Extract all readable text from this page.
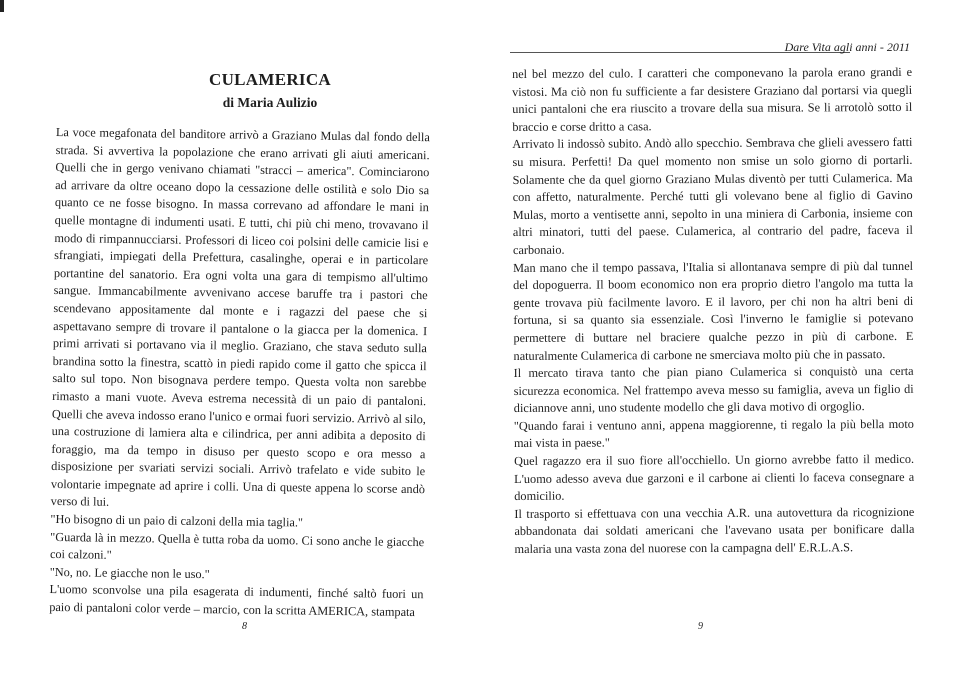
CULAMERICA
di Maria Aulizio

La voce megafonata del banditore arrivò a Graziano Mulas dal fondo della strada. Si avvertiva la popolazione che erano arrivati gli aiuti americani. Quelli che in gergo venivano chiamati "stracci – america". Cominciarono ad arrivare da oltre oceano dopo la cessazione delle ostilità e solo Dio sa quanto ce ne fosse bisogno. In massa correvano ad affondare le mani in quelle montagne di indumenti usati. E tutti, chi più chi meno, trovavano il modo di rimpannucciarsi. Professori di liceo coi polsini delle camicie lisi e sfrangiati, impiegati della Prefettura, casalinghe, operai e in particolare portantine del sanatorio. Era ogni volta una gara di tempismo all'ultimo sangue. Immancabilmente avvenivano accese baruffe tra i pastori che scendevano appositamente dal monte e i ragazzi del paese che si aspettavano sempre di trovare il pantalone o la giacca per la domenica. I primi arrivati si portavano via il meglio. Graziano, che stava seduto sulla brandina sotto la finestra, scattò in piedi rapido come il gatto che spicca il salto sul topo. Non bisognava perdere tempo. Questa volta non sarebbe rimasto a mani vuote. Aveva estrema necessità di un paio di pantaloni. Quelli che aveva indosso erano l'unico e ormai fuori servizio. Arrivò al silo, una costruzione di lamiera alta e cilindrica, per anni adibita a deposito di foraggio, ma da tempo in disuso per questo scopo e ora messo a disposizione per svariati servizi sociali. Arrivò trafelato e vide subito le volontarie impegnate ad aprire i colli. Una di queste appena lo scorse andò verso di lui.

"Ho bisogno di un paio di calzoni della mia taglia."

"Guarda là in mezzo. Quella è tutta roba da uomo. Ci sono anche le giacche coi calzoni."

"No, no. Le giacche non le uso."

L'uomo sconvolse una pila esagerata di indumenti, finché saltò fuori un paio di pantaloni color verde – marcio, con la scritta AMERICA, stampata

8
Dare Vita agli anni - 2011

nel bel mezzo del culo. I caratteri che componevano la parola erano grandi e vistosi. Ma ciò non fu sufficiente a far desistere Graziano dal portarsi via quegli unici pantaloni che era riuscito a trovare della sua misura. Se li arrotolò sotto il braccio e corse dritto a casa.

Arrivato li indossò subito. Andò allo specchio. Sembrava che glieli avessero fatti su misura. Perfetti! Da quel momento non smise un solo giorno di portarli. Solamente che da quel giorno Graziano Mulas diventò per tutti Culamerica. Ma con affetto, naturalmente. Perché tutti gli volevano bene al figlio di Gavino Mulas, morto a ventisette anni, sepolto in una miniera di Carbonia, insieme con altri minatori, tutti del paese. Culamerica, al contrario del padre, faceva il carbonaio.

Man mano che il tempo passava, l'Italia si allontanava sempre di più dal tunnel del dopoguerra. Il boom economico non era proprio dietro l'angolo ma tutta la gente trovava più facilmente lavoro. E il lavoro, per chi non ha altri beni di fortuna, si sa quanto sia essenziale. Così l'inverno le famiglie si potevano permettere di buttare nel braciere qualche pezzo in più di carbone. E naturalmente Culamerica di carbone ne smerciava molto più che in passato.

Il mercato tirava tanto che pian piano Culamerica si conquistò una certa sicurezza economica. Nel frattempo aveva messo su famiglia, aveva un figlio di diciannove anni, uno studente modello che gli dava motivo di orgoglio.

"Quando farai i ventuno anni, appena maggiorenne, ti regalo la più bella moto mai vista in paese."

Quel ragazzo era il suo fiore all'occhiello. Un giorno avrebbe fatto il medico. L'uomo adesso aveva due garzoni e il carbone ai clienti lo faceva consegnare a domicilio.

Il trasporto si effettuava con una vecchia A.R. una autovettura da ricognizione abbandonata dai soldati americani che l'avevano usata per bonificare dalla malaria una vasta zona del nuorese con la campagna dell' E.R.L.A.S.

9
